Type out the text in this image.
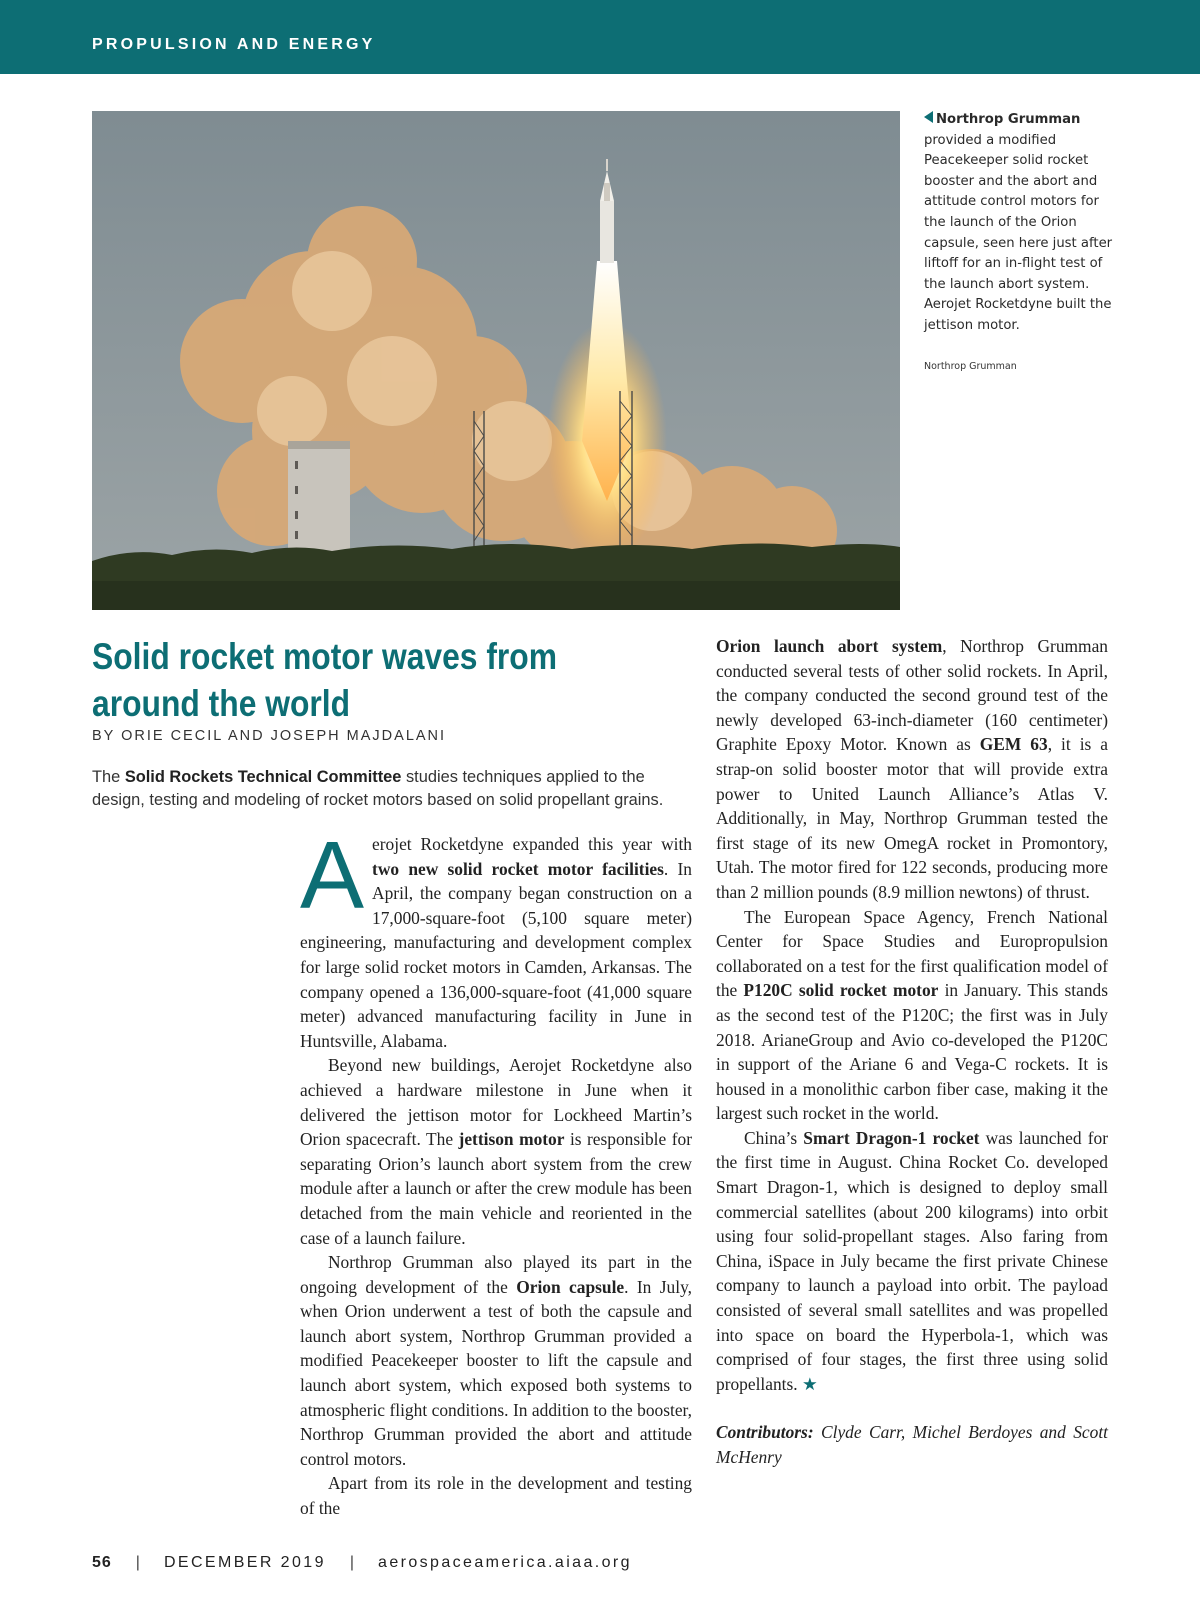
PROPULSION AND ENERGY
Northrop Grumman provided a modified Peacekeeper solid rocket booster and the abort and attitude control motors for the launch of the Orion capsule, seen here just after liftoff for an in-flight test of the launch abort system. Aerojet Rocketdyne built the jettison motor.
Northrop Grumman
Solid rocket motor waves from around the world
BY ORIE CECIL AND JOSEPH MAJDALANI
The Solid Rockets Technical Committee studies techniques applied to the design, testing and modeling of rocket motors based on solid propellant grains.

Aerojet Rocketdyne expanded this year with two new solid rocket motor facilities. In April, the company began construction on a 17,000-square-foot (5,100 square meter) engineering, manufacturing and development complex for large solid rocket motors in Camden, Arkansas. The company opened a 136,000-square-foot (41,000 square meter) advanced manufacturing facility in June in Huntsville, Alabama.

Beyond new buildings, Aerojet Rocketdyne also achieved a hardware milestone in June when it delivered the jettison motor for Lockheed Martin’s Orion spacecraft. The jettison motor is responsible for separating Orion’s launch abort system from the crew module after a launch or after the crew module has been detached from the main vehicle and reoriented in the case of a launch failure.

Northrop Grumman also played its part in the ongoing development of the Orion capsule. In July, when Orion underwent a test of both the capsule and launch abort system, Northrop Grumman provided a modified Peacekeeper booster to lift the capsule and launch abort system, which exposed both systems to atmospheric flight conditions. In addition to the booster, Northrop Grumman provided the abort and attitude control motors.

Apart from its role in the development and testing of the

Orion launch abort system, Northrop Grumman conducted several tests of other solid rockets. In April, the company conducted the second ground test of the newly developed 63-inch-diameter (160 centimeter) Graphite Epoxy Motor. Known as GEM 63, it is a strap-on solid booster motor that will provide extra power to United Launch Alliance’s Atlas V. Additionally, in May, Northrop Grumman tested the first stage of its new OmegA rocket in Promontory, Utah. The motor fired for 122 seconds, producing more than 2 million pounds (8.9 million newtons) of thrust.

The European Space Agency, French National Center for Space Studies and Europropulsion collaborated on a test for the first qualification model of the P120C solid rocket motor in January. This stands as the second test of the P120C; the first was in July 2018. ArianeGroup and Avio co-developed the P120C in support of the Ariane 6 and Vega-C rockets. It is housed in a monolithic carbon fiber case, making it the largest such rocket in the world.

China’s Smart Dragon-1 rocket was launched for the first time in August. China Rocket Co. developed Smart Dragon-1, which is designed to deploy small commercial satellites (about 200 kilograms) into orbit using four solid-propellant stages. Also faring from China, iSpace in July became the first private Chinese company to launch a payload into orbit. The payload consisted of several small satellites and was propelled into space on board the Hyperbola-1, which was comprised of four stages, the first three using solid propellants. ★

Contributors: Clyde Carr, Michel Berdoyes and Scott McHenry

56 | DECEMBER 2019 | aerospaceamerica.aiaa.org
